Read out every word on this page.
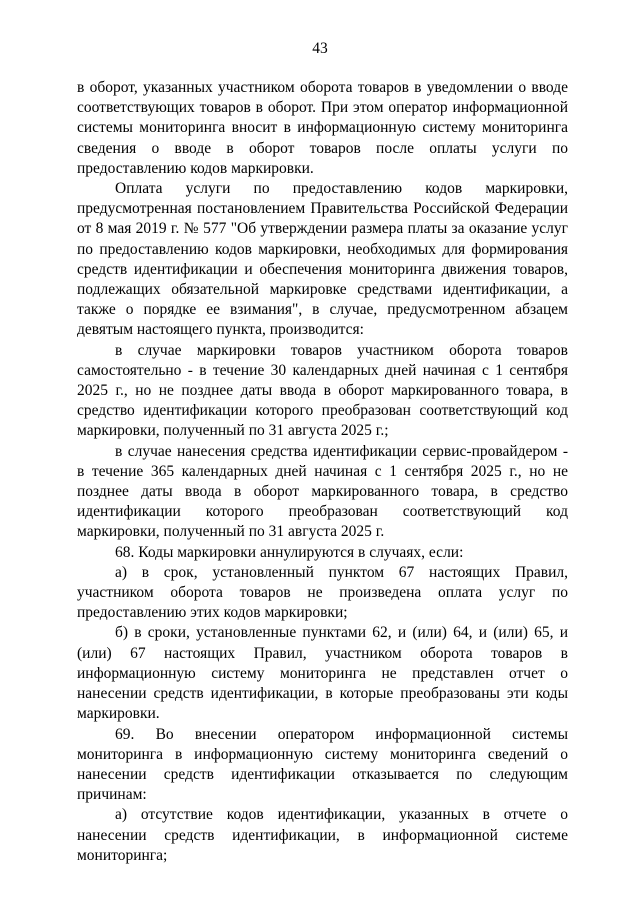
43

в оборот, указанных участником оборота товаров в уведомлении о вводе соответствующих товаров в оборот. При этом оператор информационной системы мониторинга вносит в информационную систему мониторинга сведения о вводе в оборот товаров после оплаты услуги по предоставлению кодов маркировки.

Оплата услуги по предоставлению кодов маркировки, предусмотренная постановлением Правительства Российской Федерации от 8 мая 2019 г. № 577 "Об утверждении размера платы за оказание услуг по предоставлению кодов маркировки, необходимых для формирования средств идентификации и обеспечения мониторинга движения товаров, подлежащих обязательной маркировке средствами идентификации, а также о порядке ее взимания", в случае, предусмотренном абзацем девятым настоящего пункта, производится:

в случае маркировки товаров участником оборота товаров самостоятельно - в течение 30 календарных дней начиная с 1 сентября 2025 г., но не позднее даты ввода в оборот маркированного товара, в средство идентификации которого преобразован соответствующий код маркировки, полученный по 31 августа 2025 г.;

в случае нанесения средства идентификации сервис-провайдером - в течение 365 календарных дней начиная с 1 сентября 2025 г., но не позднее даты ввода в оборот маркированного товара, в средство идентификации которого преобразован соответствующий код маркировки, полученный по 31 августа 2025 г.

68. Коды маркировки аннулируются в случаях, если:

а) в срок, установленный пунктом 67 настоящих Правил, участником оборота товаров не произведена оплата услуг по предоставлению этих кодов маркировки;

б) в сроки, установленные пунктами 62, и (или) 64, и (или) 65, и (или) 67 настоящих Правил, участником оборота товаров в информационную систему мониторинга не представлен отчет о нанесении средств идентификации, в которые преобразованы эти коды маркировки.

69. Во внесении оператором информационной системы мониторинга в информационную систему мониторинга сведений о нанесении средств идентификации отказывается по следующим причинам:

а) отсутствие кодов идентификации, указанных в отчете о нанесении средств идентификации, в информационной системе мониторинга;
